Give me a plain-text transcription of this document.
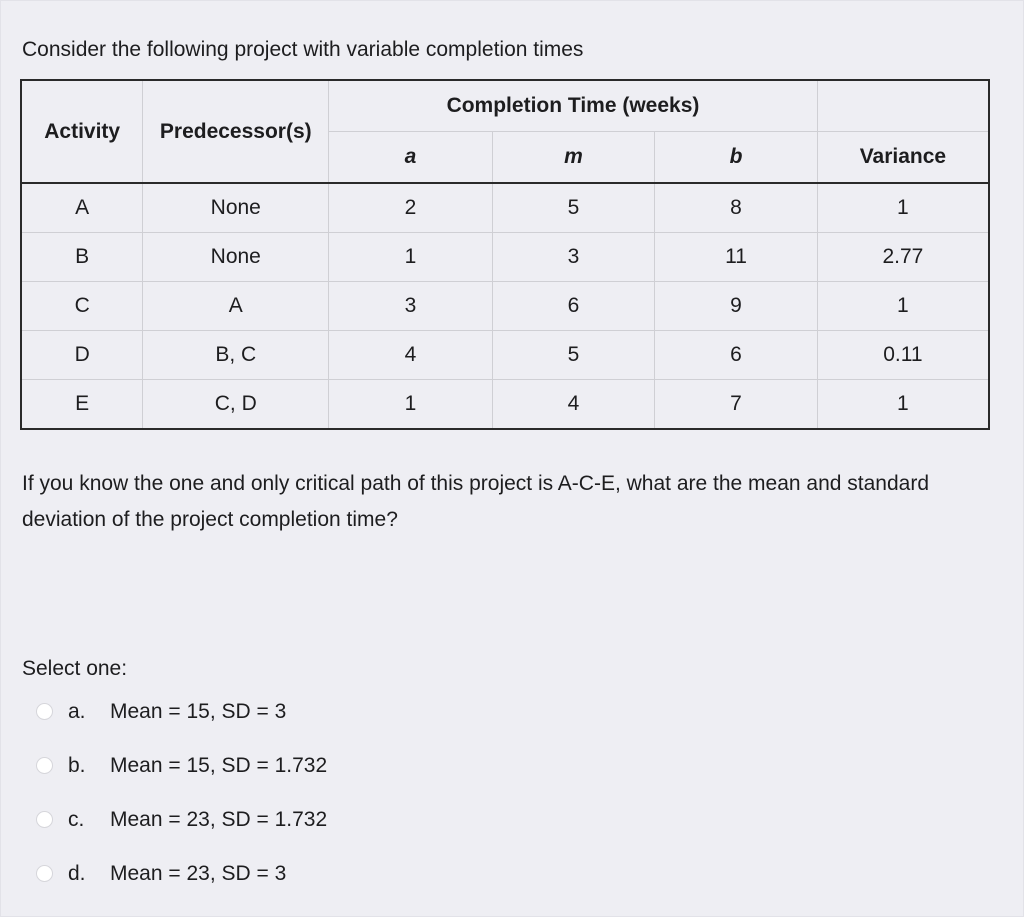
Consider the following project with variable completion times

Activity	Predecessor(s)	Completion Time (weeks)			
		a	m	b	Variance
A	None	2	5	8	1
B	None	1	3	11	2.77
C	A	3	6	9	1
D	B, C	4	5	6	0.11
E	C, D	1	4	7	1

If you know the one and only critical path of this project is A-C-E, what are the mean and standard deviation of the project completion time?

Select one:

a.	Mean = 15, SD = 3
b.	Mean = 15, SD = 1.732
c.	Mean = 23, SD = 1.732
d.	Mean = 23, SD = 3
